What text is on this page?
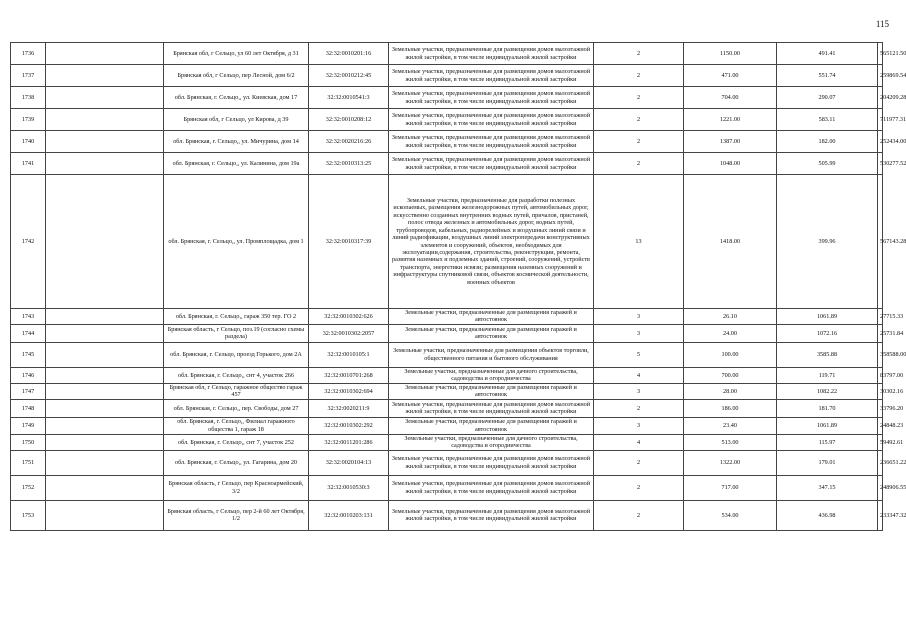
115
1736		Брянская обл, г Сельцо, ул 60 лет Октября, д 31	32:32:0010201:16	Земельные участки, предназначенные для размещения домов малоэтажной жилой застройки, в том числе индивидуальной жилой застройки	2	1150.00	491.41	565121.50
1737		Брянская обл, г Сельцо, пер Лесной, дом 6/2	32:32:0010212:45	Земельные участки, предназначенные для размещения домов малоэтажной жилой застройки, в том числе индивидуальной жилой застройки	2	471.00	551.74	259869.54
1738		обл. Брянская, г. Сельцо,, ул. Киевская, дом 17	32:32:0010541:3	Земельные участки, предназначенные для размещения домов малоэтажной жилой застройки, в том числе индивидуальной жилой застройки	2	704.00	290.07	204209.28
1739		Брянская обл, г Сельцо, ул Кирова, д 39	32:32:0010208:12	Земельные участки, предназначенные для размещения домов малоэтажной жилой застройки, в том числе индивидуальной жилой застройки	2	1221.00	583.11	711977.31
1740		обл. Брянская, г. Сельцо,, ул. Мичурина, дом 14	32:32:0020216:26	Земельные участки, предназначенные для размещения домов малоэтажной жилой застройки, в том числе индивидуальной жилой застройки	2	1387.00	182.00	252434.00
1741		обл. Брянская, г. Сельцо,, ул. Калинина, дом 19а	32:32:0010313:25	Земельные участки, предназначенные для размещения домов малоэтажной жилой застройки, в том числе индивидуальной жилой застройки	2	1048.00	505.99	530277.52
1742		обл. Брянская, г. Сельцо,, ул. Промплощадка, дом 1	32:32:0010317:39	Земельные участки, предназначенные для разработки полезных ископаемых, размещения железнодорожных путей, автомобильных дорог, искусственно созданных внутренних водных путей, причалов, пристаней, полос отвода железных и автомобильных дорог, водных путей, трубопроводов, кабельных, радиорелейных и воздушных линий связи и линий радиофикации, воздушных линий электропередачи конструктивных элементов и сооружений, объектов, необходимых для эксплуатации,содержания, строительства, реконструкции, ремонта, развития наземных и подземных зданий, строений, сооружений, устройств транспорта, энергетики нсвязи; размещения наземных сооружений и инфраструктуры спутниковой связи, объектов космической деятельности, военных объектов	13	1418.00	399.96	567143.28
1743		обл. Брянская, г. Сельцо,, гараж 350 тер. ГО 2	32:32:0010302:626	Земельные участки, предназначенные для размещения гаражей и автостоянок	3	26.10	1061.89	27715.33
1744		Брянская область, г Сельцо, поз.19 (согласно схемы раздела)	32:32:0010302:2057	Земельные участки, предназначенные для размещения гаражей и автостоянок	3	24.00	1072.16	25731.84
1745		обл. Брянская, г. Сельцо, проезд Горького, дом 2А	32:32:0010105:1	Земельные участки, предназначенные для размещения объектов торговли, общественного питания и бытового обслуживания	5	100.00	3585.88	358588.00
1746		обл. Брянская, г. Сельцо,, снт 4, участок 266	32:32:0010701:268	Земельные участки, предназначенные для дачного строительства, садоводства и огородничества	4	700.00	119.71	83797.00
1747		Брянская обл, г Сельцо, гаражное общество гараж 457	32:32:0010302:694	Земельные участки, предназначенные для размещения гаражей и автостоянок	3	28.00	1082.22	30302.16
1748		обл. Брянская, г. Сельцо,, пер. Свободы, дом 27	32:32:0020211:9	Земельные участки, предназначенные для размещения домов малоэтажной жилой застройки, в том числе индивидуальной жилой застройки	2	186.00	181.70	33796.20
1749		обл. Брянская, г. Сельцо,, Филиал гаражного общества 1, гараж 18	32:32:0010302:292	Земельные участки, предназначенные для размещения гаражей и автостоянок	3	23.40	1061.89	24848.23
1750		обл. Брянская, г. Сельцо,, снт 7, участок 252	32:32:0011201:286	Земельные участки, предназначенные для дачного строительства, садоводства и огородничества	4	513.00	115.97	59492.61
1751		обл. Брянская, г. Сельцо,, ул. Гагарина, дом 20	32:32:0020104:13	Земельные участки, предназначенные для размещения домов малоэтажной жилой застройки, в том числе индивидуальной жилой застройки	2	1322.00	179.01	236651.22
1752		Брянская область, г Сельцо, пер Красноармейский, 3/2	32:32:0010530:3	Земельные участки, предназначенные для размещения домов малоэтажной жилой застройки, в том числе индивидуальной жилой застройки	2	717.00	347.15	248906.55
1753		Брянская область, г Сельцо, пер 2-й 60 лет Октября, 1/2	32:32:0010203:131	Земельные участки, предназначенные для размещения домов малоэтажной жилой застройки, в том числе индивидуальной жилой застройки	2	534.00	436.98	233347.32
